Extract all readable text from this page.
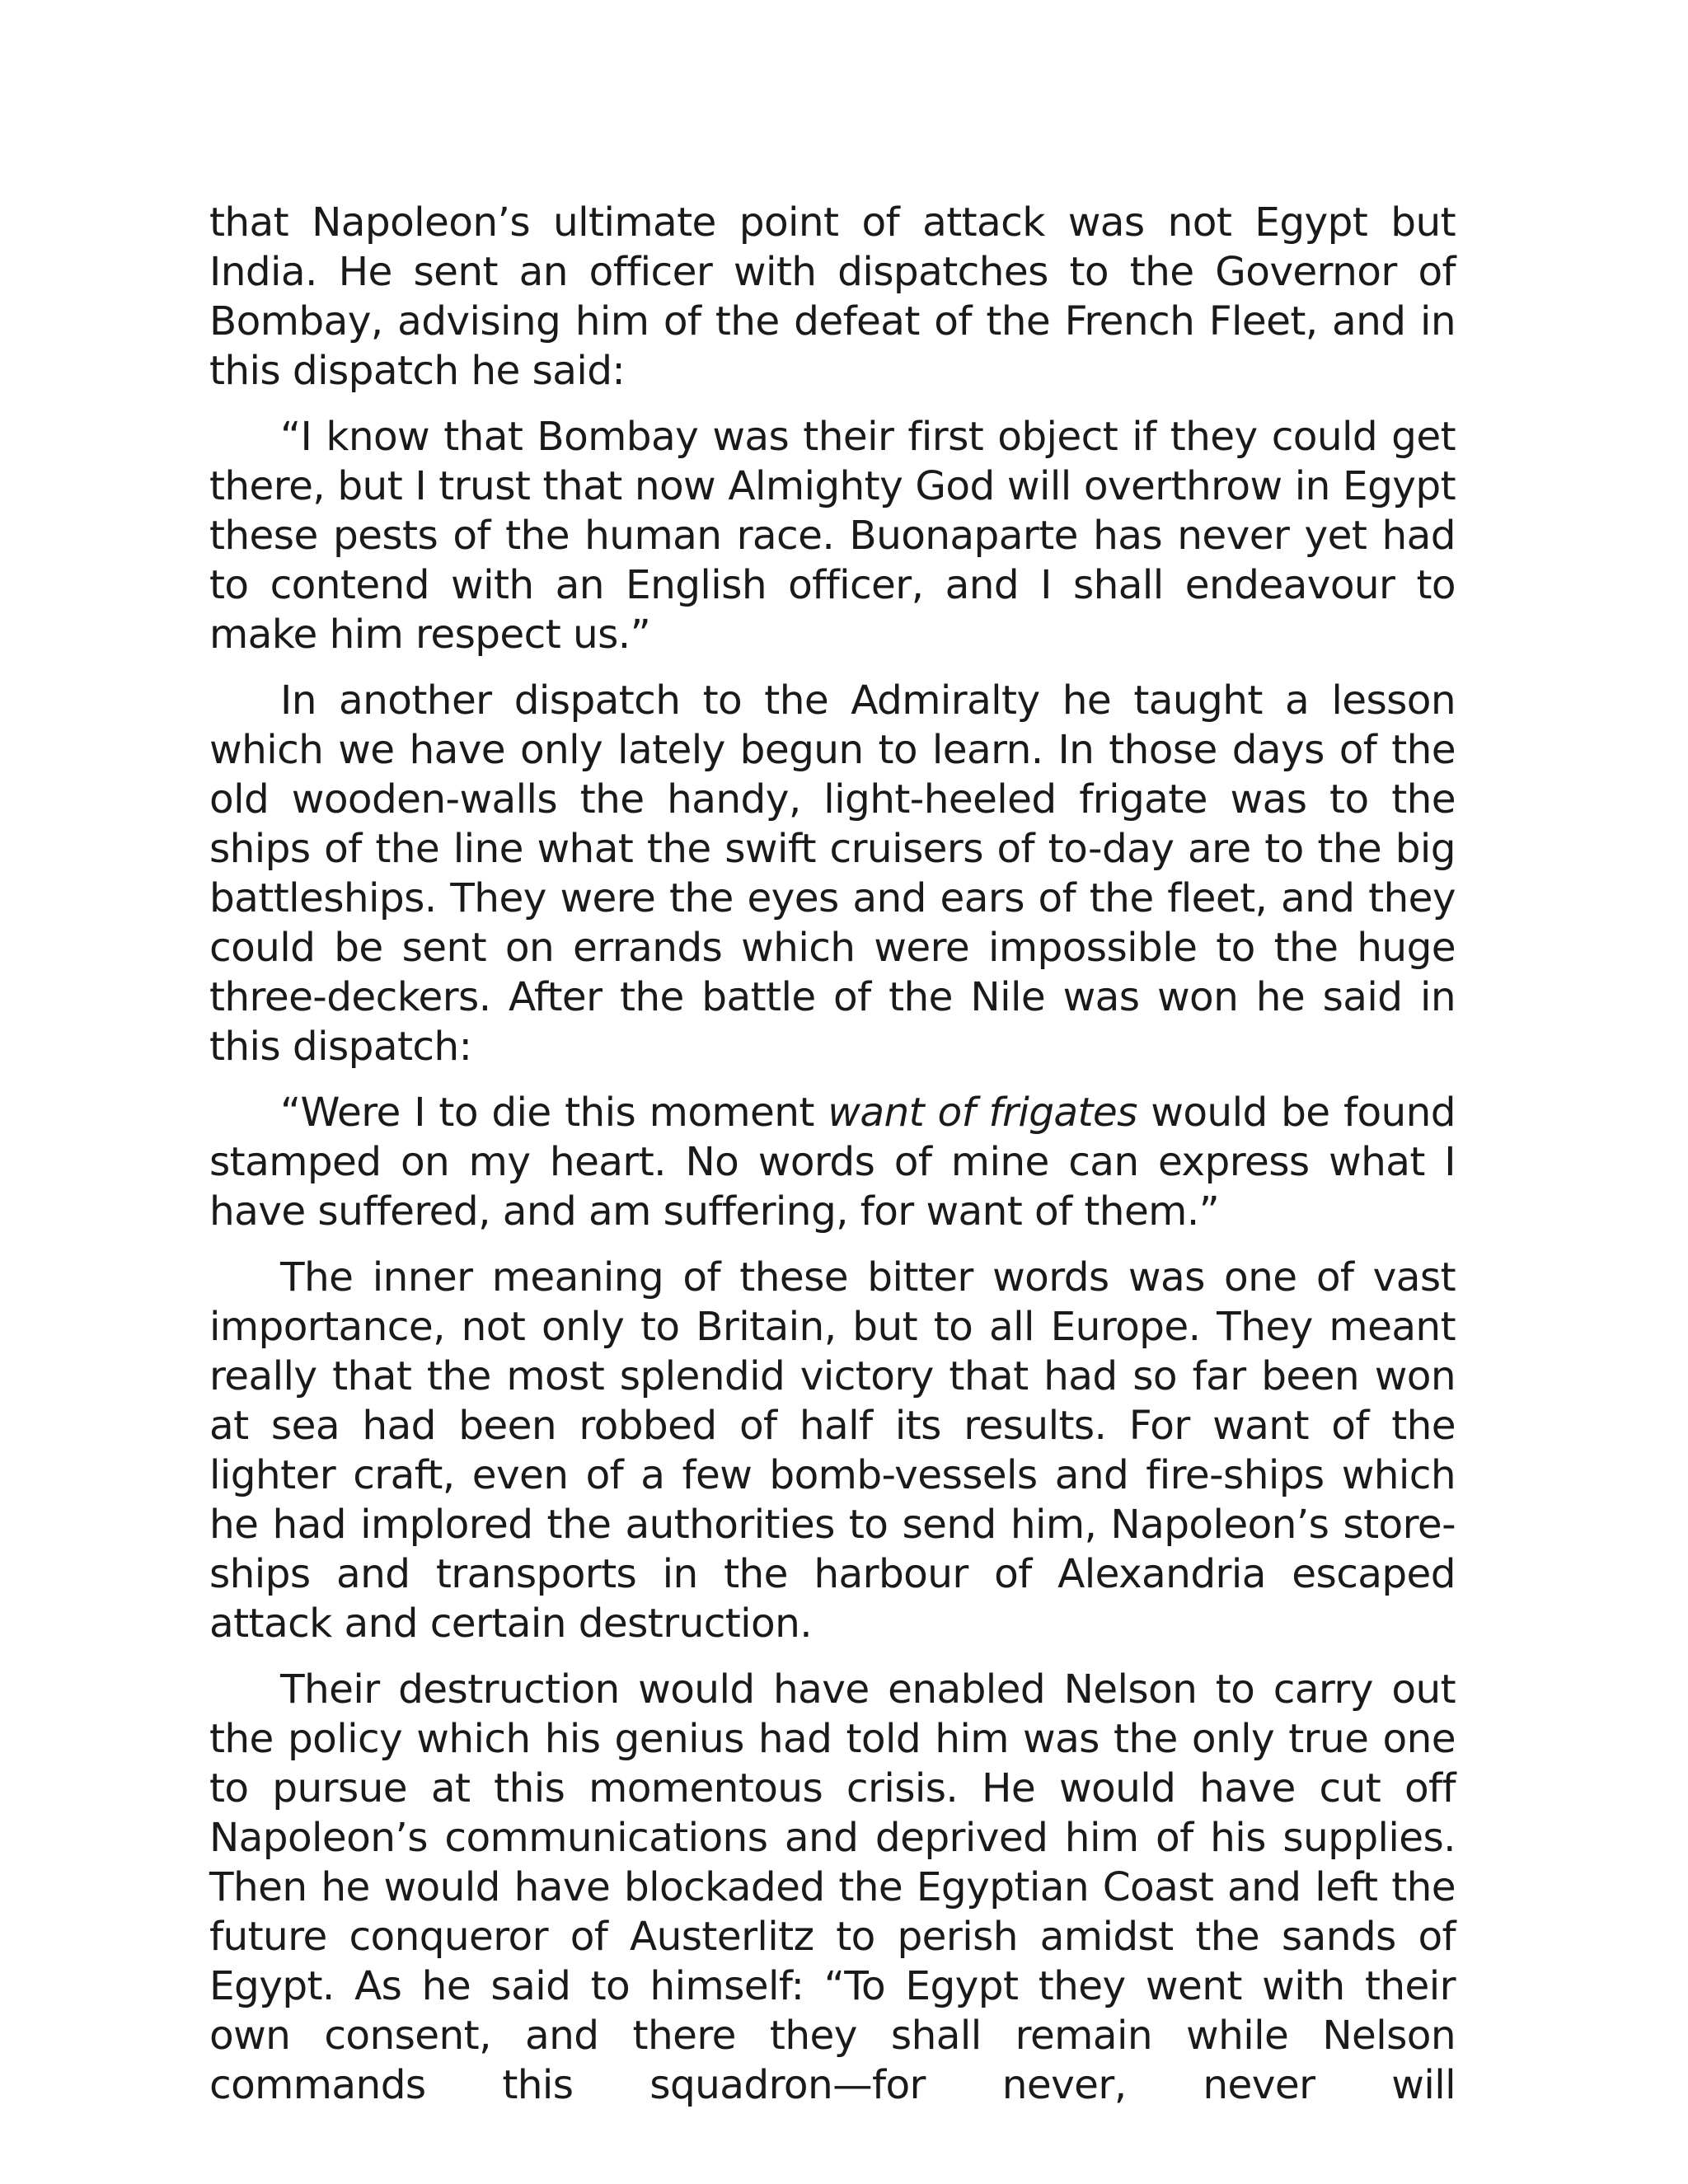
that Napoleon’s ultimate point of attack was not Egypt but India. He sent an officer with dispatches to the Governor of Bombay, advising him of the defeat of the French Fleet, and in this dispatch he said:

“I know that Bombay was their first object if they could get there, but I trust that now Almighty God will overthrow in Egypt these pests of the human race. Buonaparte has never yet had to contend with an English officer, and I shall endeavour to make him respect us.”

In another dispatch to the Admiralty he taught a lesson which we have only lately begun to learn. In those days of the old wooden-walls the handy, light-heeled frigate was to the ships of the line what the swift cruisers of to-day are to the big battleships. They were the eyes and ears of the fleet, and they could be sent on errands which were impossible to the huge three-deckers. After the battle of the Nile was won he said in this dispatch:

“Were I to die this moment want of frigates would be found stamped on my heart. No words of mine can express what I have suffered, and am suffering, for want of them.”

The inner meaning of these bitter words was one of vast importance, not only to Britain, but to all Europe. They meant really that the most splendid victory that had so far been won at sea had been robbed of half its results. For want of the lighter craft, even of a few bomb-vessels and fire-ships which he had implored the authorities to send him, Napoleon’s store-ships and transports in the harbour of Alexandria escaped attack and certain destruction.

Their destruction would have enabled Nelson to carry out the policy which his genius had told him was the only true one to pursue at this momentous crisis. He would have cut off Napoleon’s communications and deprived him of his supplies. Then he would have blockaded the Egyptian Coast and left the future conqueror of Austerlitz to perish amidst the sands of Egypt. As he said to himself: “To Egypt they went with their own consent, and there they shall remain while Nelson commands this squadron—for never, never will
